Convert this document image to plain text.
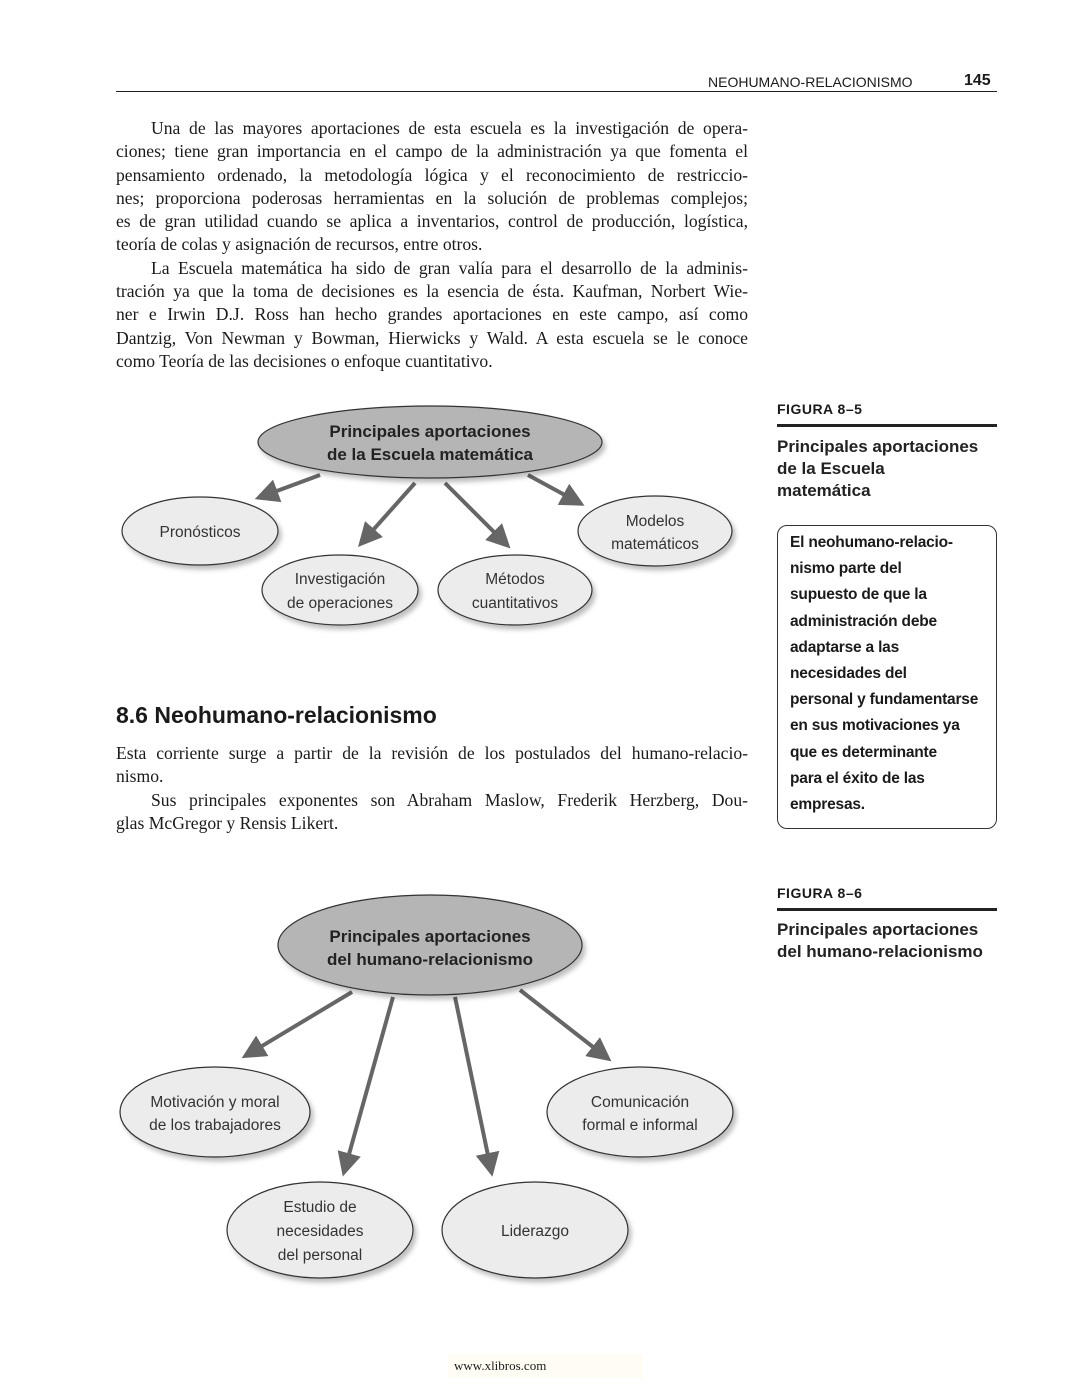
NEOHUMANO-RELACIONISMO	145
Una de las mayores aportaciones de esta escuela es la investigación de opera-
ciones; tiene gran importancia en el campo de la administración ya que fomenta el
pensamiento ordenado, la metodología lógica y el reconocimiento de restriccio-
nes; proporciona poderosas herramientas en la solución de problemas complejos;
es de gran utilidad cuando se aplica a inventarios, control de producción, logística,
teoría de colas y asignación de recursos, entre otros.
La Escuela matemática ha sido de gran valía para el desarrollo de la adminis-
tración ya que la toma de decisiones es la esencia de ésta. Kaufman, Norbert Wie-
ner e Irwin D.J. Ross han hecho grandes aportaciones en este campo, así como
Dantzig, Von Newman y Bowman, Hierwicks y Wald. A esta escuela se le conoce
como Teoría de las decisiones o enfoque cuantitativo.
Principales aportaciones
de la Escuela matemática
Pronósticos
Investigación
de operaciones
Métodos
cuantitativos
Modelos
matemáticos
Principales aportaciones
del humano-relacionismo
Motivación y moral
de los trabajadores
Estudio de
necesidades
del personal
Liderazgo
Comunicación
formal e informal
8.6 Neohumano-relacionismo
Esta corriente surge a partir de la revisión de los postulados del humano-relacio-
nismo.
Sus principales exponentes son Abraham Maslow, Frederik Herzberg, Dou-
glas McGregor y Rensis Likert.
FIGURA 8–5
Principales aportaciones
de la Escuela
matemática
El neohumano-relacio-
nismo parte del
supuesto de que la
administración debe
adaptarse a las
necesidades del
personal y fundamentarse
en sus motivaciones ya
que es determinante
para el éxito de las
empresas.
FIGURA 8–6
Principales aportaciones
del humano-relacionismo
www.xlibros.com
